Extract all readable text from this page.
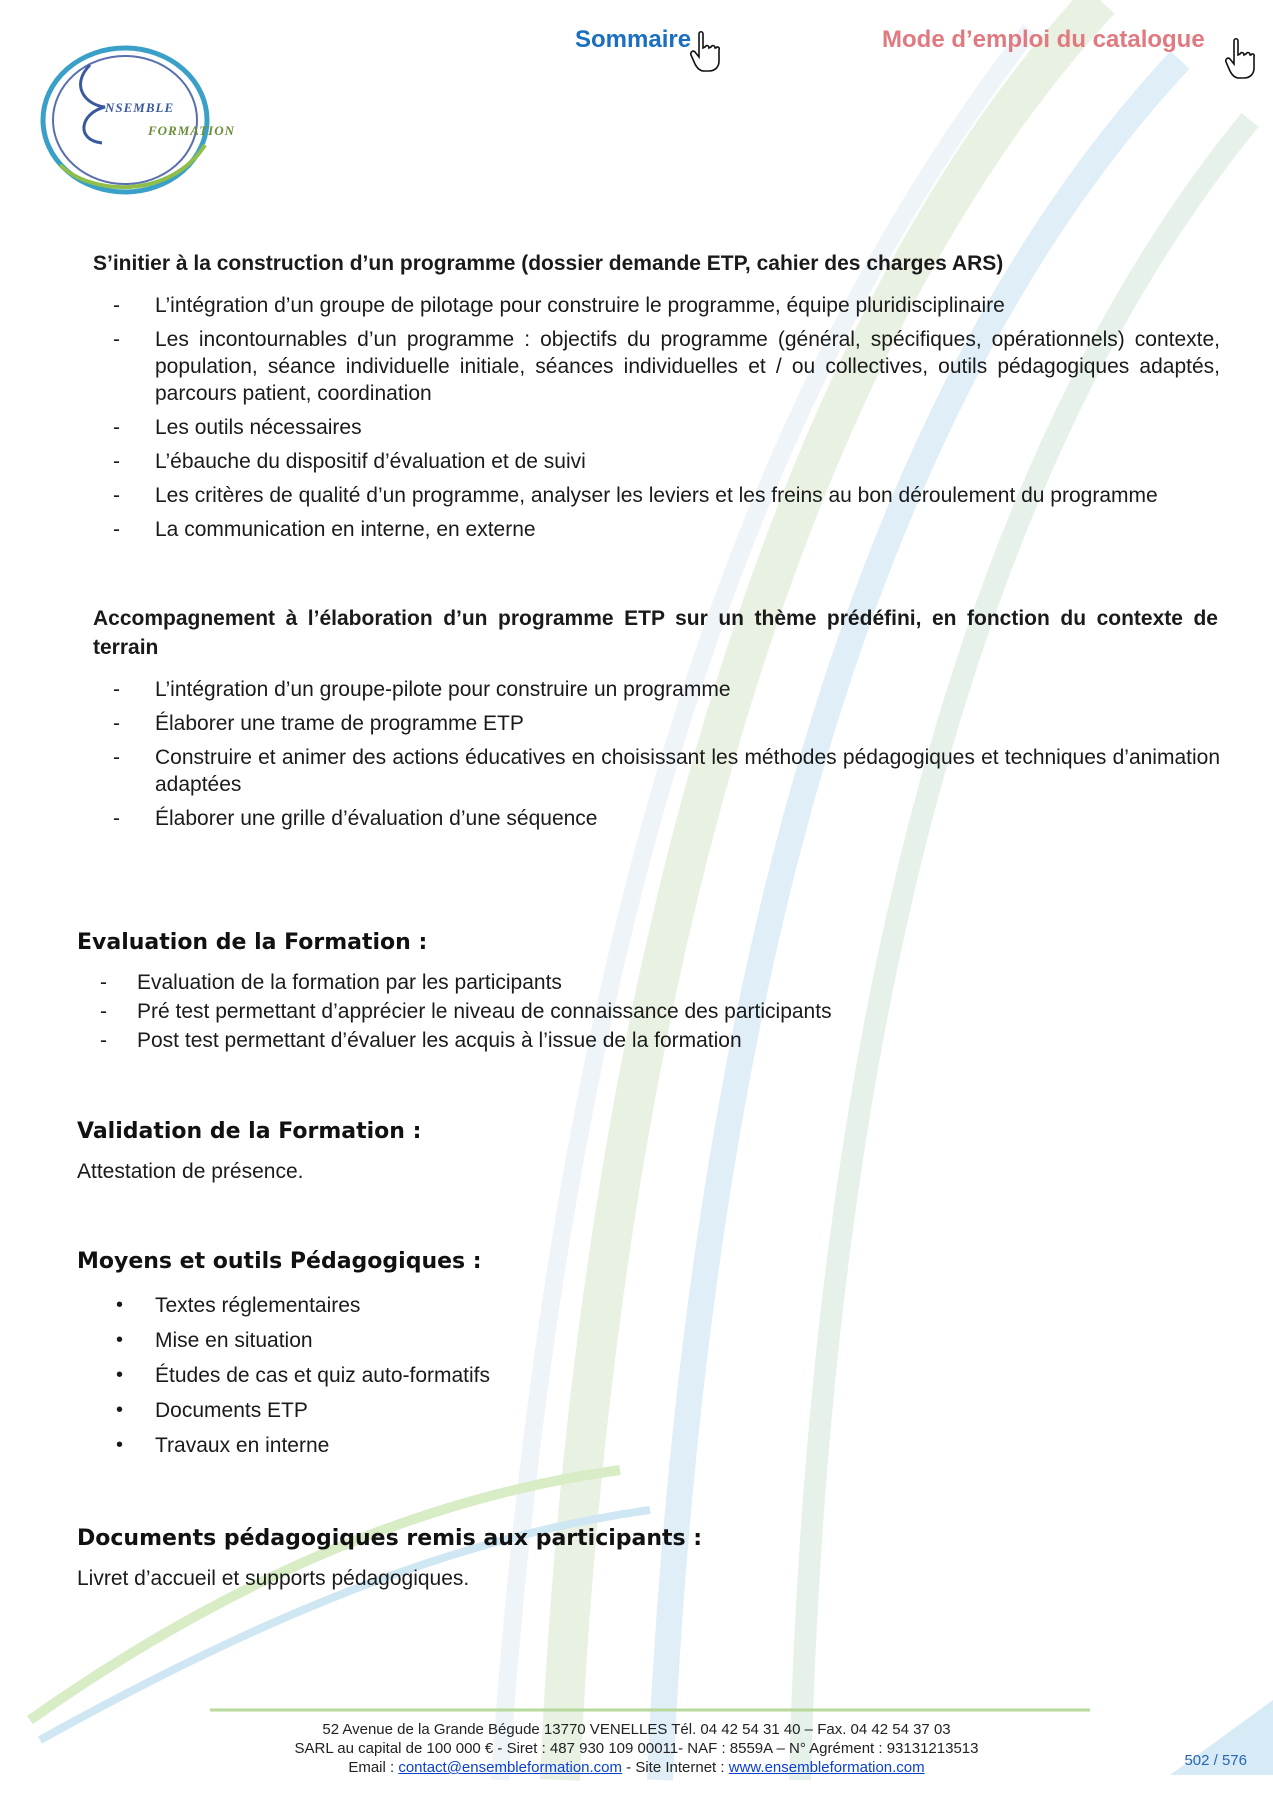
NSEMBLE
FORMATION
Sommaire	Mode d’emploi du catalogue
S’initier à la construction d’un programme (dossier demande ETP, cahier des charges ARS)
- L’intégration d’un groupe de pilotage pour construire le programme, équipe pluridisciplinaire
- Les incontournables d’un programme : objectifs du programme (général, spécifiques, opérationnels) contexte, population, séance individuelle initiale, séances individuelles et / ou collectives, outils pédagogiques adaptés, parcours patient, coordination
- Les outils nécessaires
- L’ébauche du dispositif d’évaluation et de suivi
- Les critères de qualité d’un programme, analyser les leviers et les freins au bon déroulement du programme
- La communication en interne, en externe
Accompagnement à l’élaboration d’un programme ETP sur un thème prédéfini, en fonction du contexte de terrain
- L’intégration d’un groupe-pilote pour construire un programme
- Élaborer une trame de programme ETP
- Construire et animer des actions éducatives en choisissant les méthodes pédagogiques et techniques d’animation adaptées
- Élaborer une grille d’évaluation d’une séquence
Evaluation de la Formation :
- Evaluation de la formation par les participants
- Pré test permettant d’apprécier le niveau de connaissance des participants
- Post test permettant d’évaluer les acquis à l’issue de la formation
Validation de la Formation :
Attestation de présence.
Moyens et outils Pédagogiques :
• Textes réglementaires
• Mise en situation
• Études de cas et quiz auto-formatifs
• Documents ETP
• Travaux en interne
Documents pédagogiques remis aux participants :
Livret d’accueil et supports pédagogiques.
52 Avenue de la Grande Bégude 13770 VENELLES Tél. 04 42 54 31 40 – Fax. 04 42 54 37 03
SARL au capital de 100 000 € - Siret : 487 930 109 00011- NAF : 8559A – N° Agrément : 93131213513
Email : contact@ensembleformation.com - Site Internet : www.ensembleformation.com	502 / 576
